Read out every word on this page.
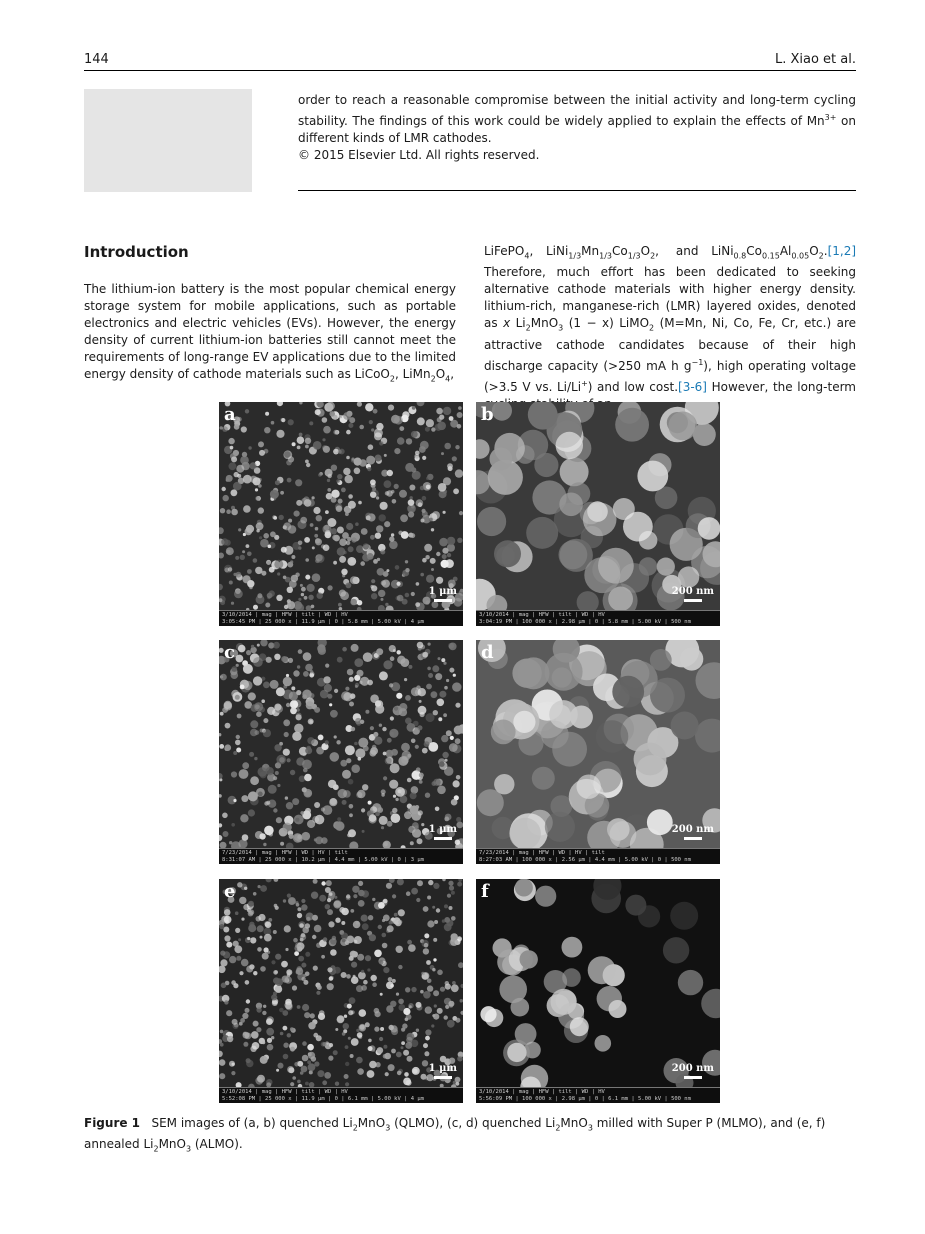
144	L. Xiao et al.

order to reach a reasonable compromise between the initial activity and long-term cycling stability. The findings of this work could be widely applied to explain the effects of $Mn^{3+}$ on different kinds of LMR cathodes.

© 2015 Elsevier Ltd. All rights reserved.

Introduction

The lithium-ion battery is the most popular chemical energy storage system for mobile applications, such as portable electronics and electric vehicles (EVs). However, the energy density of current lithium-ion batteries still cannot meet the requirements of long-range EV applications due to the limited energy density of cathode materials such as LiCoO$_2$, $LiMn_2O_4$,

LiFePO$_4$,   $LiNi_{1/3}Mn_{1/3}Co_{1/3}O_2$,    and $LiNi_{0.8}Co_{0.15}Al_{0.05}O_2.[1,2]$ Therefore, much effort has been dedicated to seeking alternative cathode materials with higher energy density. lithium-rich, manganese-rich (LMR) layered oxides, denoted as x $Li_2MnO_3$ (1 − x) LiMO$_2$ (M=Mn, Ni, Co, Fe, Cr, etc.) are attractive cathode candidates because of their high discharge capacity (>250 mA h $g^{-1}$), high operating voltage (>3.5 V vs. Li/Li+) and low cost.[3-6] However, the long-term

a
1 μm
3/10/2014 | mag | HFW | tilt | WD | HV
3:05:45 PM | 25 000 x | 11.9 μm | 0 | 5.8 mm | 5.00 kV | 4 μm
b
200 nm
3/10/2014 | mag | HFW | tilt | WD | HV
3:04:19 PM | 100 000 x | 2.98 μm | 0 | 5.8 mm | 5.00 kV | 500 nm
c
1 μm
7/23/2014 | mag | HFW | WD | HV | tilt
8:31:07 AM | 25 000 x | 10.2 μm | 4.4 mm | 5.00 kV | 0 | 3 μm
d
200 nm
7/23/2014 | mag | HFW | WD | HV | tilt
8:27:03 AM | 100 000 x | 2.56 μm | 4.4 mm | 5.00 kV | 0 | 500 nm
e
1 μm
3/10/2014 | mag | HFW | tilt | WD | HV
5:52:08 PM | 25 000 x | 11.9 μm | 0 | 6.1 mm | 5.00 kV | 4 μm
f
200 nm
3/10/2014 | mag | HFW | tilt | WD | HV
5:56:09 PM | 100 000 x | 2.98 μm | 0 | 6.1 mm | 5.00 kV | 500 nm
Figure 1 SEM images of (a, b) quenched $Li_2MnO_3$ (QLMO), (c, d) quenched $Li_2MnO_3$ milled with Super P (MLMO), and (e, f) annealed $Li_2MnO_3$ (ALMO).
